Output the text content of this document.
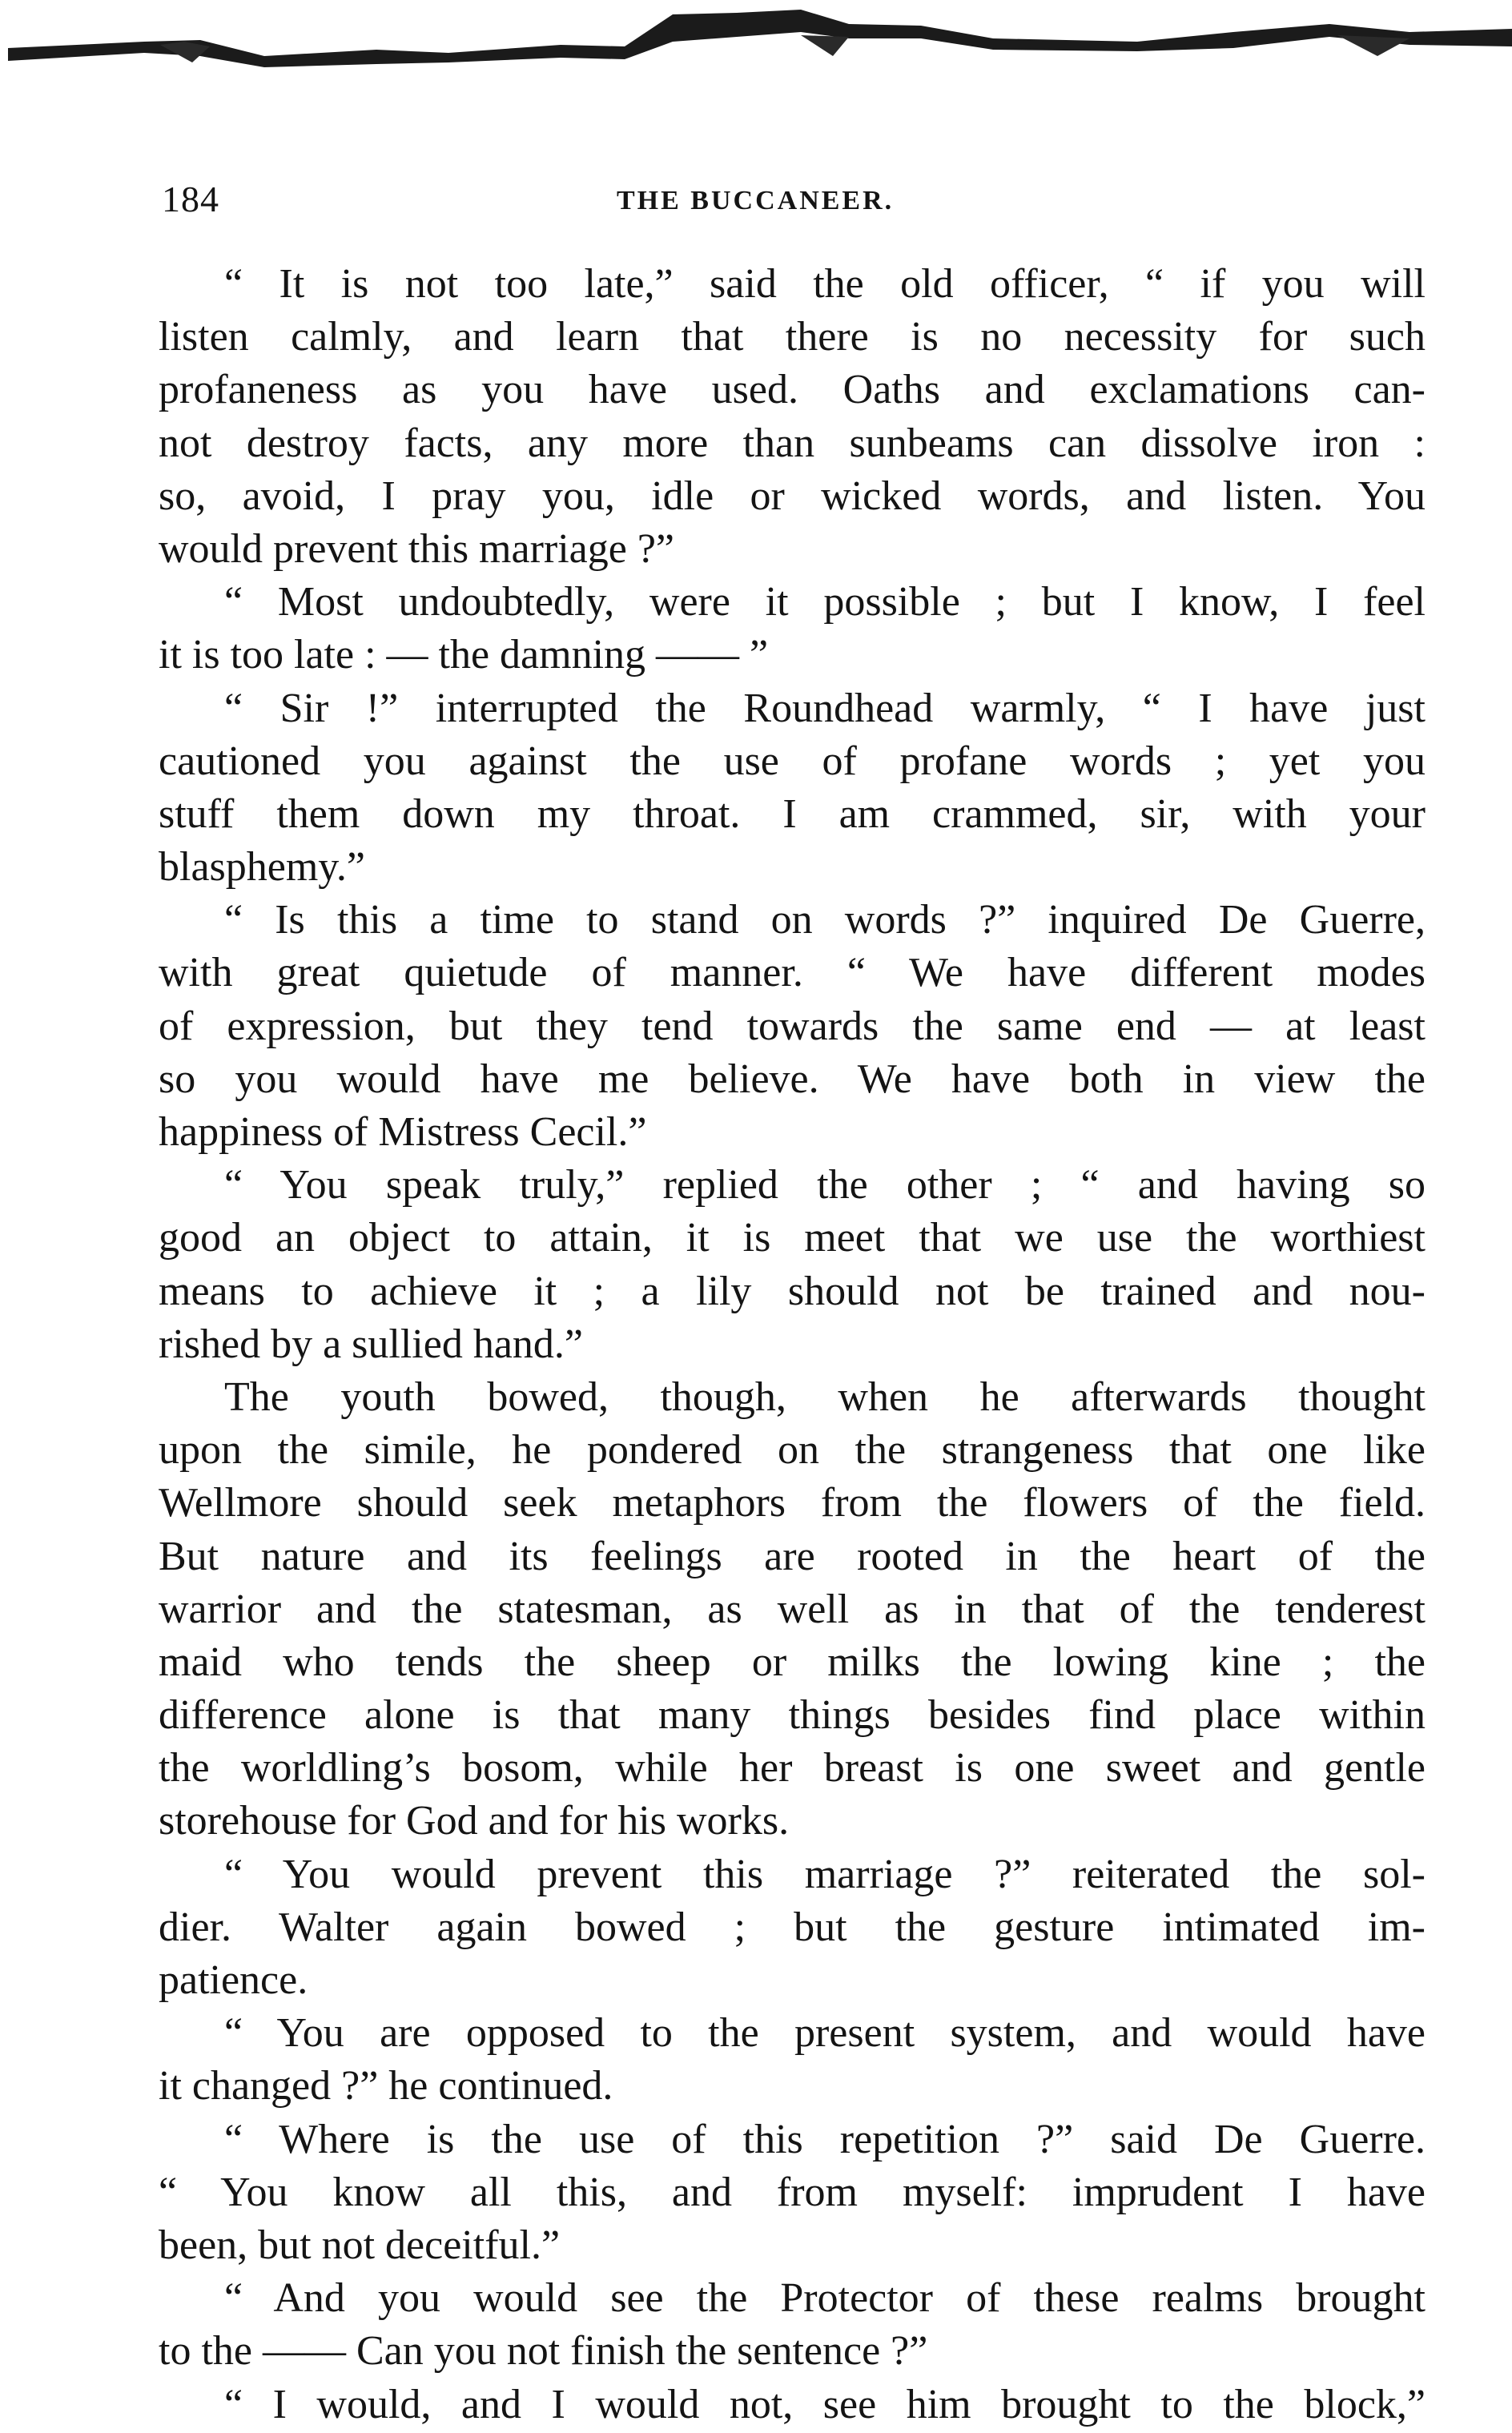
184	THE BUCCANEER.
“ It is not too late,” said the old officer, “ if you will
listen calmly, and learn that there is no necessity for such
profaneness as you have used. Oaths and exclamations can-
not destroy facts, any more than sunbeams can dissolve iron :
so, avoid, I pray you, idle or wicked words, and listen. You
would prevent this marriage ?”
“ Most undoubtedly, were it possible ; but I know, I feel
it is too late : — the damning —— ”
“ Sir !” interrupted the Roundhead warmly, “ I have just
cautioned you against the use of profane words ; yet you
stuff them down my throat. I am crammed, sir, with your
blasphemy.”
“ Is this a time to stand on words ?” inquired De Guerre,
with great quietude of manner. “ We have different modes
of expression, but they tend towards the same end — at least
so you would have me believe. We have both in view the
happiness of Mistress Cecil.”
“ You speak truly,” replied the other ; “ and having so
good an object to attain, it is meet that we use the worthiest
means to achieve it ; a lily should not be trained and nou-
rished by a sullied hand.”
The youth bowed, though, when he afterwards thought
upon the simile, he pondered on the strangeness that one like
Wellmore should seek metaphors from the flowers of the field.
But nature and its feelings are rooted in the heart of the
warrior and the statesman, as well as in that of the tenderest
maid who tends the sheep or milks the lowing kine ; the
difference alone is that many things besides find place within
the worldling’s bosom, while her breast is one sweet and gentle
storehouse for God and for his works.
“ You would prevent this marriage ?” reiterated the sol-
dier. Walter again bowed ; but the gesture intimated im-
patience.
“ You are opposed to the present system, and would have
it changed ?” he continued.
“ Where is the use of this repetition ?” said De Guerre.
“ You know all this, and from myself: imprudent I have
been, but not deceitful.”
“ And you would see the Protector of these realms brought
to the —— Can you not finish the sentence ?”
“ I would, and I would not, see him brought to the block,”
